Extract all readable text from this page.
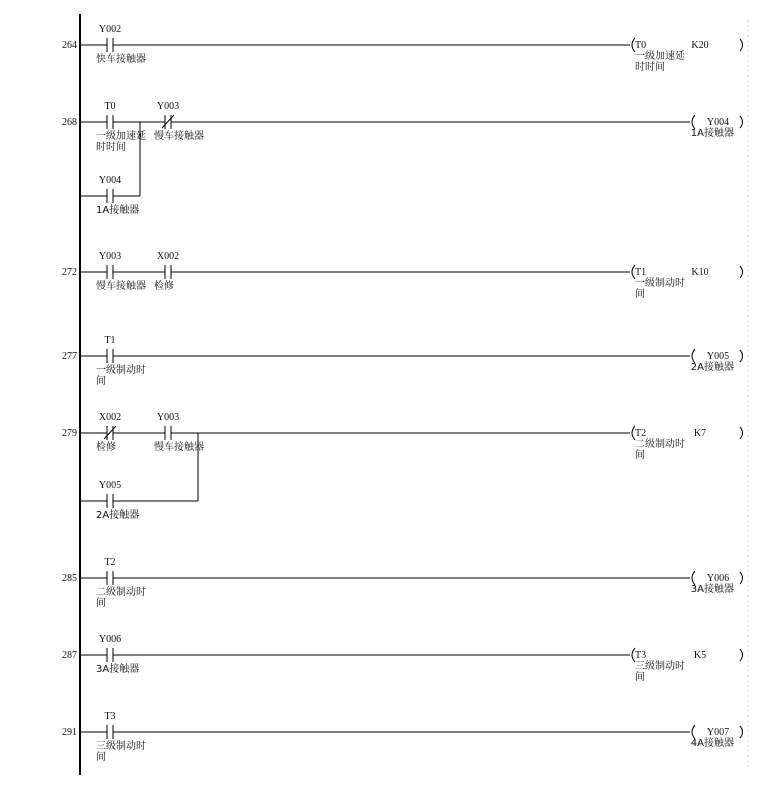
264
Y002
快车接触器
T0	K20
一级加速延
时时间
268
T0
一级加速延
时时间
Y003
慢车接触器
Y004
1A接触器
Y004
1A接触器
272
Y003
慢车接触器
X002
检修
T1	K10
一级制动时
间
277
T1
一级制动时
间
Y005
2A接触器
279
X002
检修
Y003
慢车接触器
Y005
2A接触器
T2	K7
二级制动时
间
285
T2
二级制动时
间
Y006
3A接触器
287
Y006
3A接触器
T3	K5
三级制动时
间
291
T3
三级制动时
间
Y007
4A接触器
